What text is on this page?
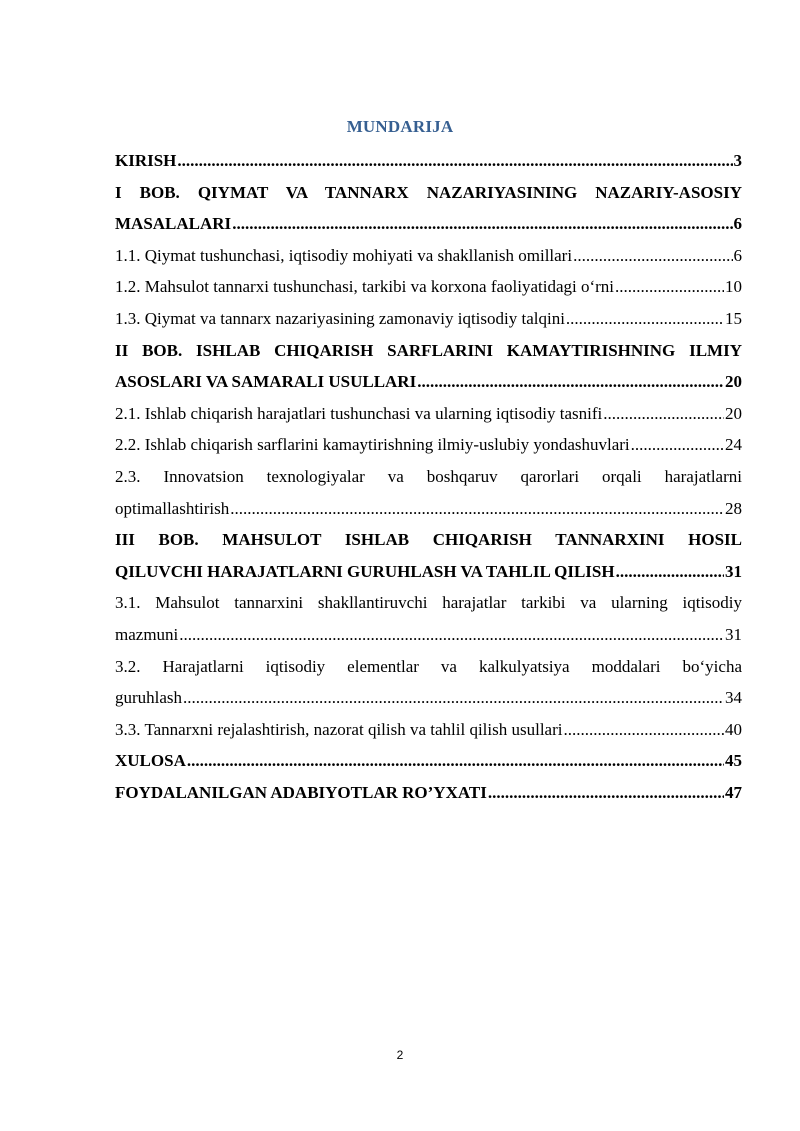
MUNDARIJA
KIRISH .....	3
I BOB. QIYMAT VA TANNARX NAZARIYASINING NAZARIY-ASOSIY
MASALALARI .....	6
1.1. Qiymat tushunchasi, iqtisodiy mohiyati va shakllanish omillari .....	6
1.2. Mahsulot tannarxi tushunchasi, tarkibi va korxona faoliyatidagi o‘rni .....	10
1.3. Qiymat va tannarx nazariyasining zamonaviy iqtisodiy talqini .....	15
II BOB. ISHLAB CHIQARISH SARFLARINI KAMAYTIRISHNING ILMIY
ASOSLARI VA SAMARALI USULLARI .....	20
2.1. Ishlab chiqarish harajatlari tushunchasi va ularning iqtisodiy tasnifi .....	20
2.2. Ishlab chiqarish sarflarini kamaytirishning ilmiy-uslubiy yondashuvlari .....	24
2.3. Innovatsion texnologiyalar va boshqaruv qarorlari orqali harajatlarni
optimallashtirish .....	28
III BOB. MAHSULOT ISHLAB CHIQARISH TANNARXINI HOSIL
QILUVCHI HARAJATLARNI GURUHLASH VA TAHLIL QILISH .....	31
3.1. Mahsulot tannarxini shakllantiruvchi harajatlar tarkibi va ularning iqtisodiy
mazmuni .....	31
3.2. Harajatlarni iqtisodiy elementlar va kalkulyatsiya moddalari bo‘yicha
guruhlash .....	34
3.3. Tannarxni rejalashtirish, nazorat qilish va tahlil qilish usullari .....	40
XULOSA .....	45
FOYDALANILGAN ADABIYOTLAR RO’YXATI .....	47
2
